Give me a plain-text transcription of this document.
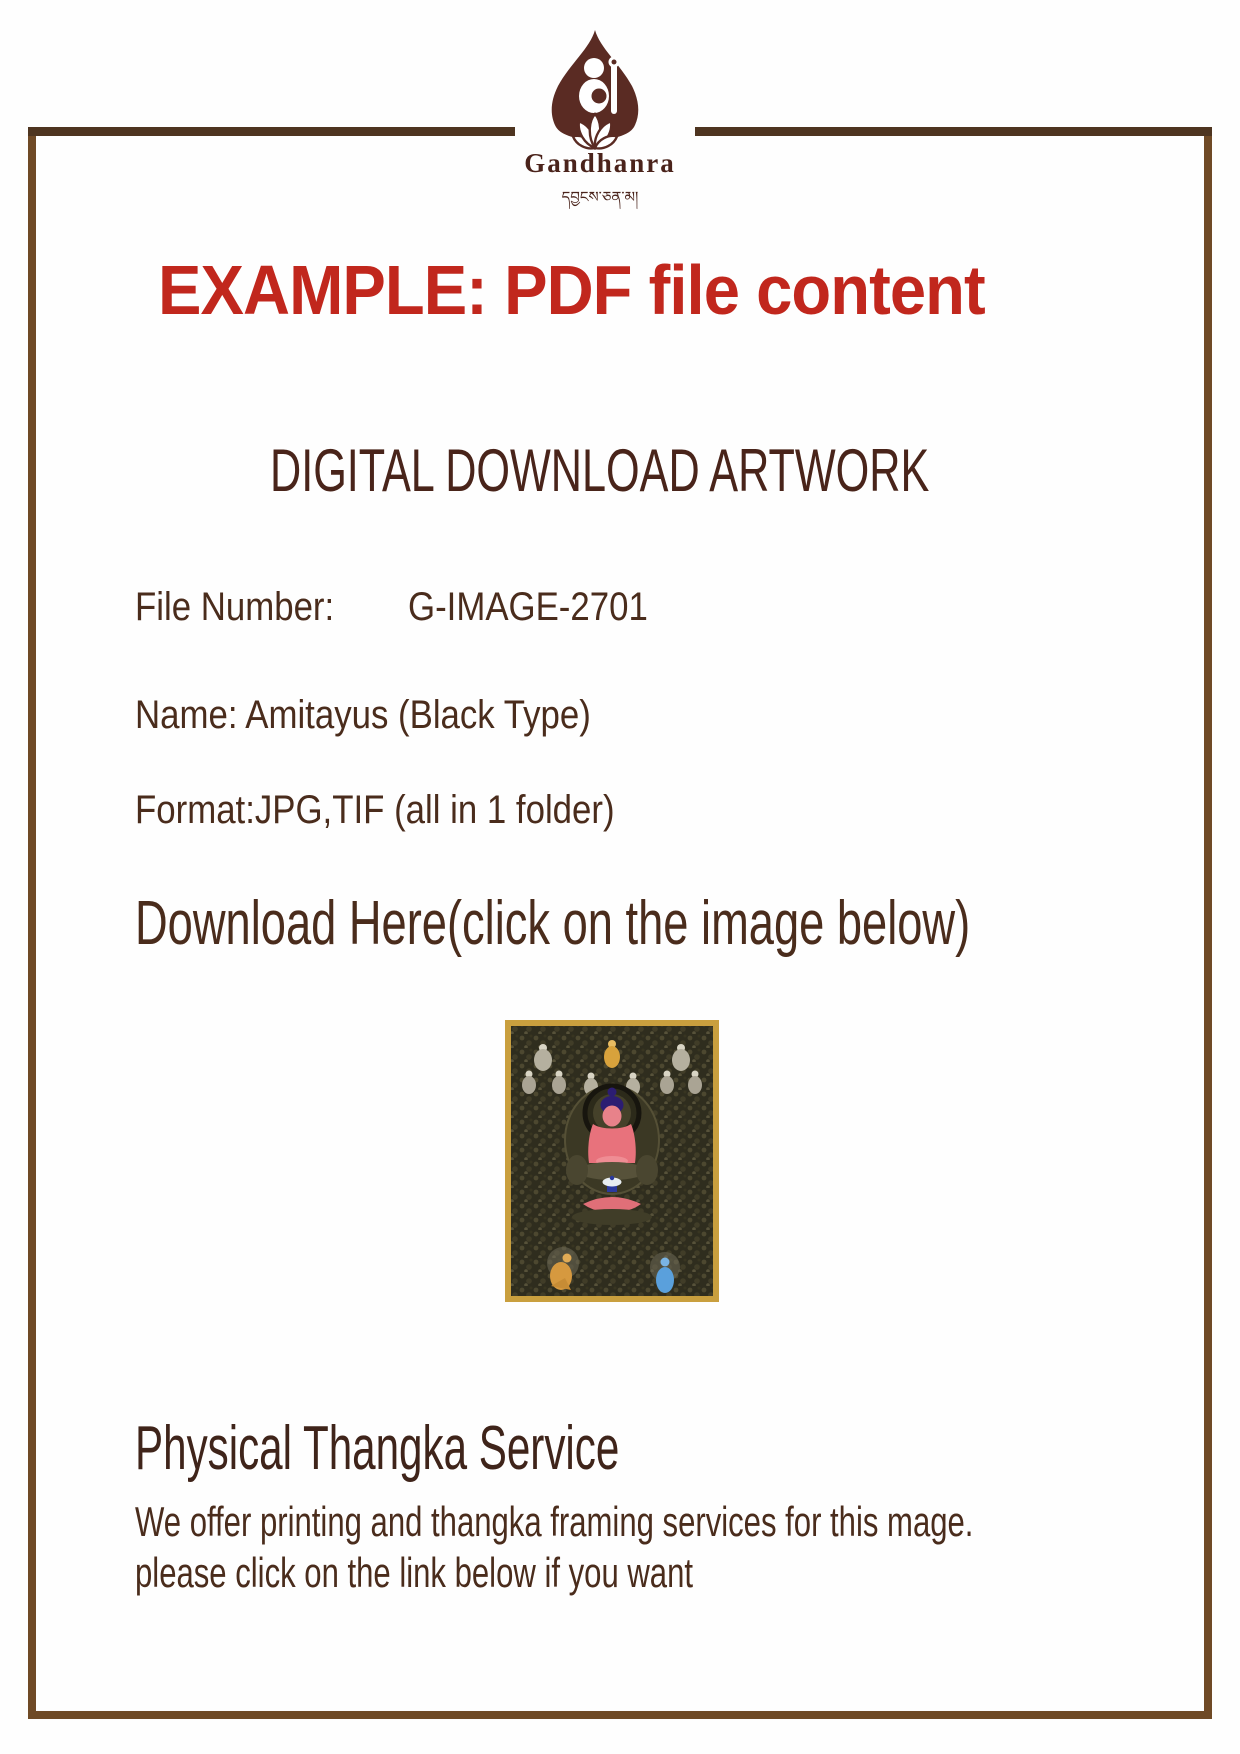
Gandhanra
དབྱངས་ཅན་མ།
EXAMPLE: PDF file content
DIGITAL DOWNLOAD ARTWORK
File Number:	G-IMAGE-2701
Name: Amitayus (Black Type)
Format:JPG,TIF (all in 1 folder)
Download Here(click on the image below)
Physical Thangka Service
We offer printing and thangka framing services for this mage.
please click on the link below if you want
